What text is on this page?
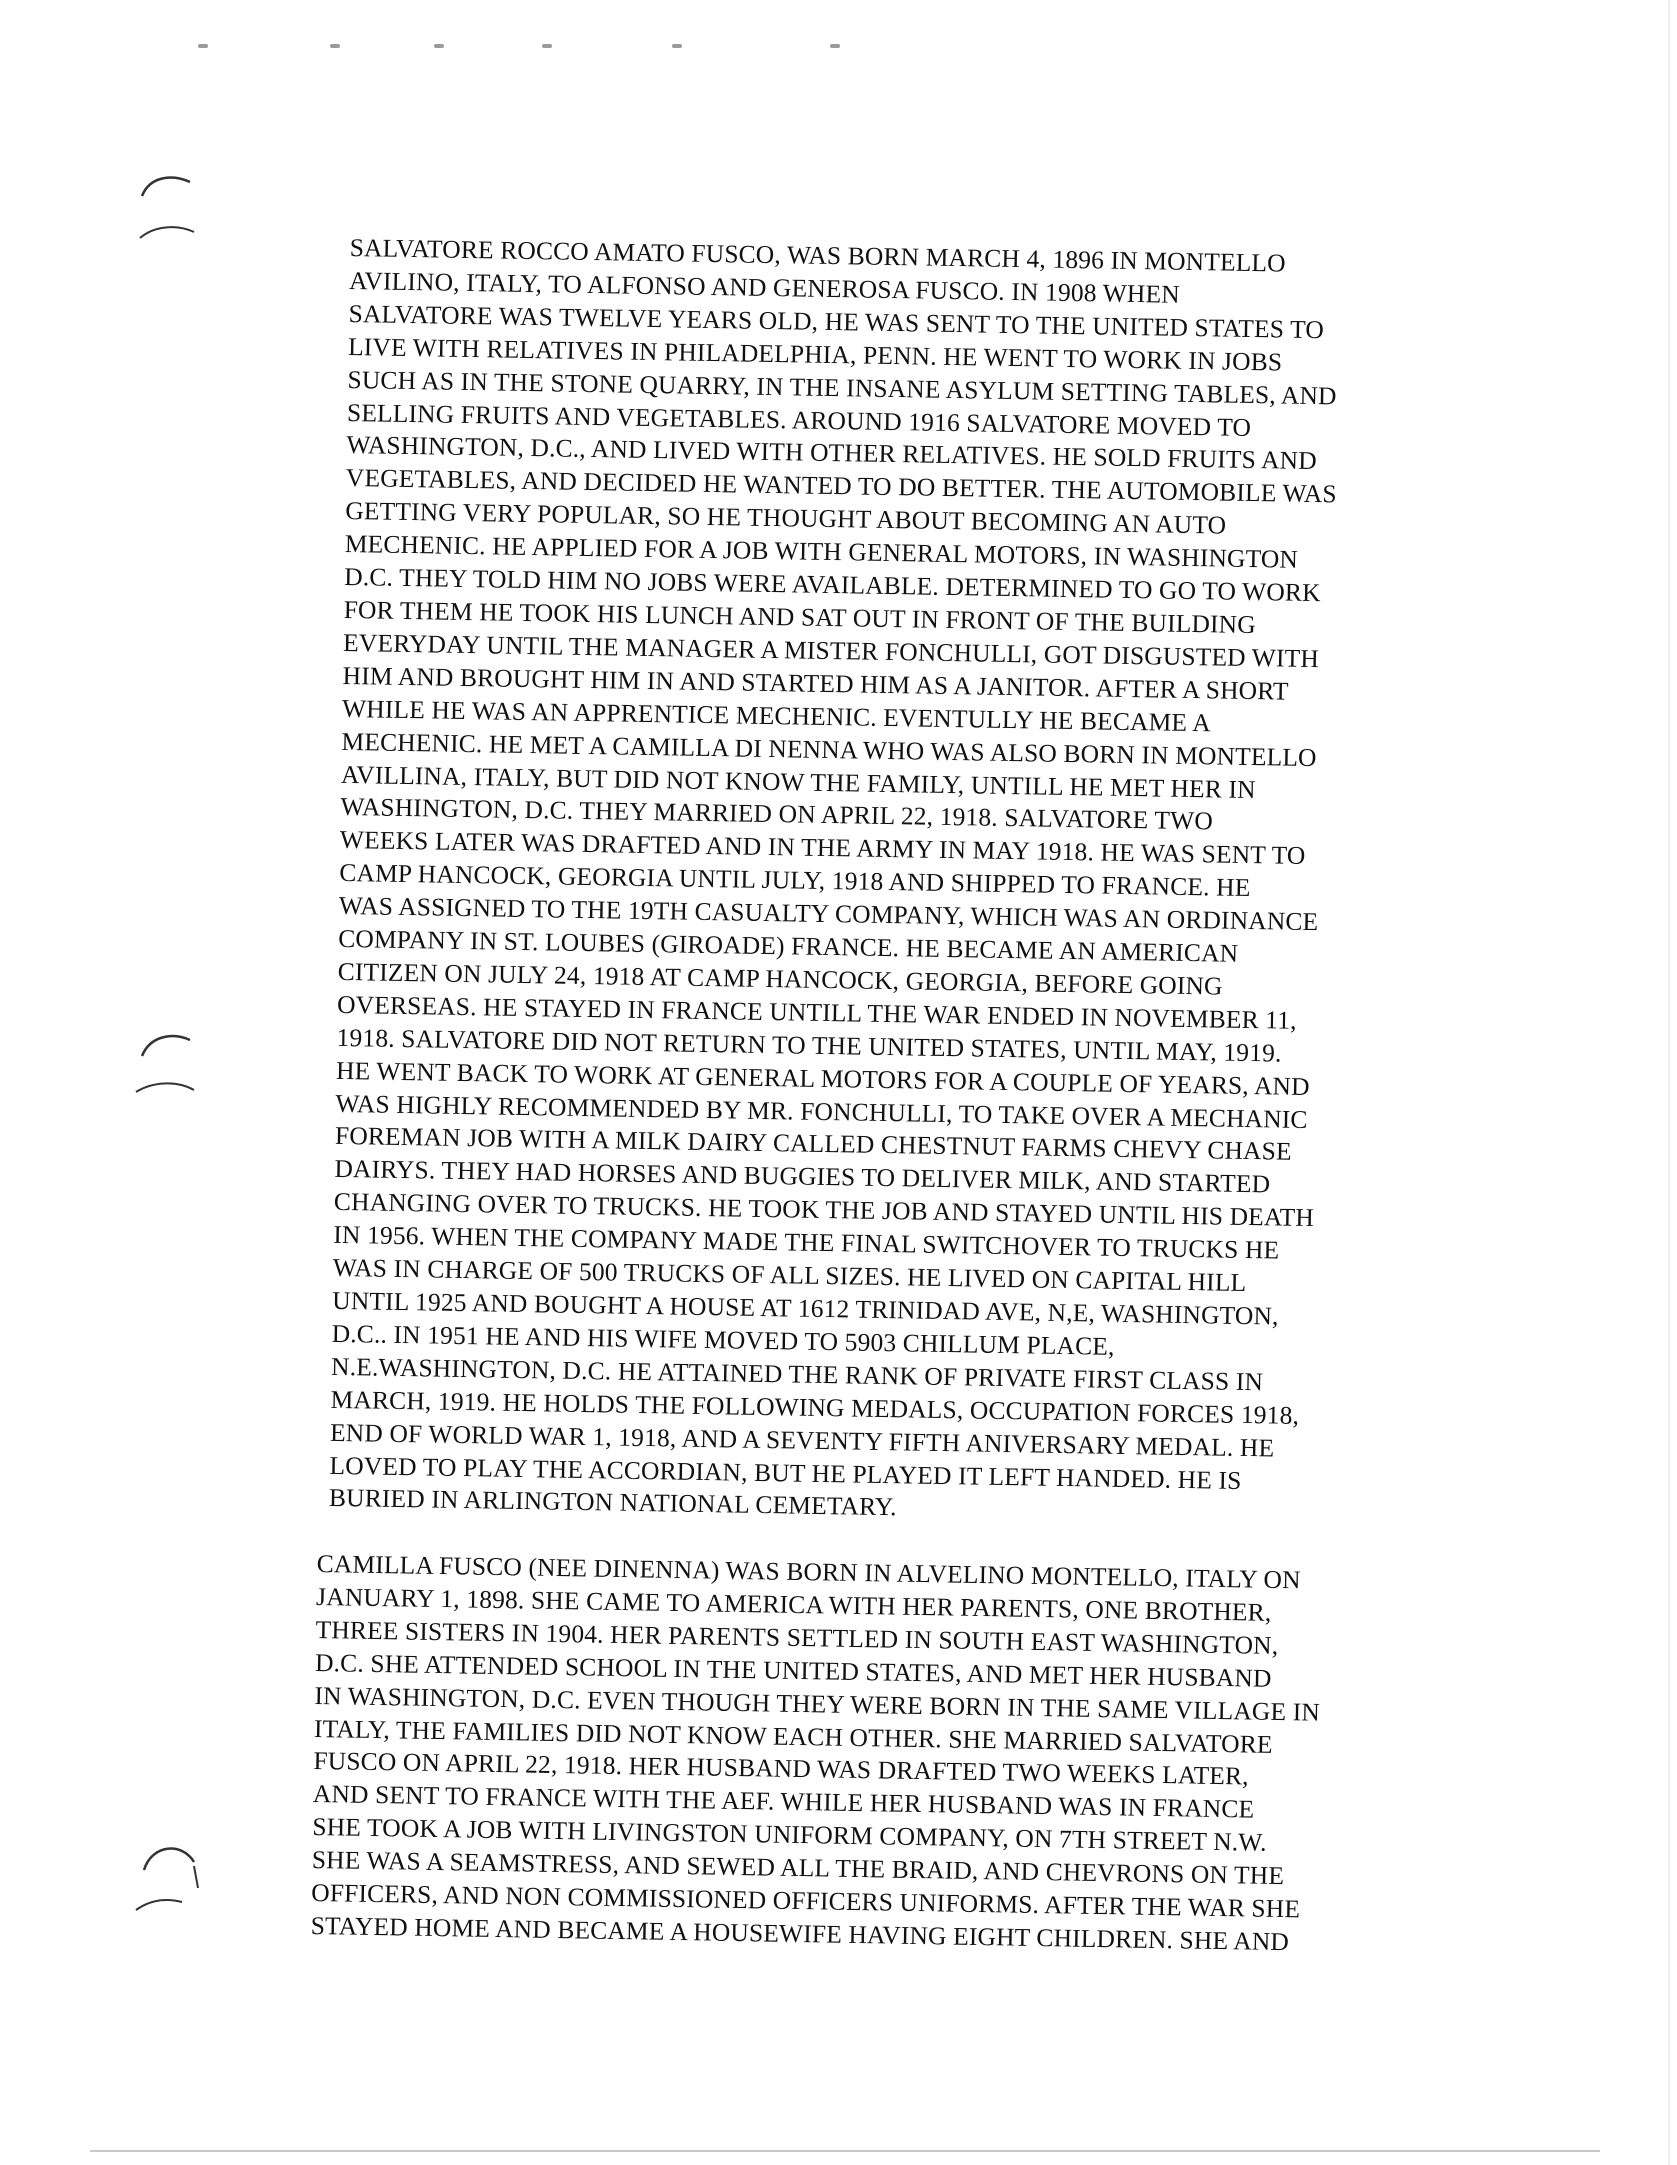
SALVATORE ROCCO AMATO FUSCO, WAS BORN MARCH 4, 1896 IN MONTELLO
AVILINO, ITALY, TO ALFONSO AND GENEROSA FUSCO. IN 1908 WHEN
SALVATORE WAS TWELVE YEARS OLD, HE WAS SENT TO THE UNITED STATES TO
LIVE WITH RELATIVES IN PHILADELPHIA, PENN. HE WENT TO WORK IN JOBS
SUCH AS IN THE STONE QUARRY, IN THE INSANE ASYLUM SETTING TABLES, AND
SELLING FRUITS AND VEGETABLES. AROUND 1916 SALVATORE MOVED TO
WASHINGTON, D.C., AND LIVED WITH OTHER RELATIVES. HE SOLD FRUITS AND
VEGETABLES, AND DECIDED HE WANTED TO DO BETTER. THE AUTOMOBILE WAS
GETTING VERY POPULAR, SO HE THOUGHT ABOUT BECOMING AN AUTO
MECHENIC. HE APPLIED FOR A JOB WITH GENERAL MOTORS, IN WASHINGTON
D.C. THEY TOLD HIM NO JOBS WERE AVAILABLE. DETERMINED TO GO TO WORK
FOR THEM HE TOOK HIS LUNCH AND SAT OUT IN FRONT OF THE BUILDING
EVERYDAY UNTIL THE MANAGER A MISTER FONCHULLI, GOT DISGUSTED WITH
HIM AND BROUGHT HIM IN AND STARTED HIM AS A JANITOR. AFTER A SHORT
WHILE HE WAS AN APPRENTICE MECHENIC. EVENTULLY HE BECAME A
MECHENIC. HE MET A CAMILLA DI NENNA WHO WAS ALSO BORN IN MONTELLO
AVILLINA, ITALY, BUT DID NOT KNOW THE FAMILY, UNTILL HE MET HER IN
WASHINGTON, D.C. THEY MARRIED ON APRIL 22, 1918. SALVATORE TWO
WEEKS LATER WAS DRAFTED AND IN THE ARMY IN MAY 1918. HE WAS SENT TO
CAMP HANCOCK, GEORGIA UNTIL JULY, 1918 AND SHIPPED TO FRANCE. HE
WAS ASSIGNED TO THE 19TH CASUALTY COMPANY, WHICH WAS AN ORDINANCE
COMPANY IN ST. LOUBES (GIROADE) FRANCE. HE BECAME AN AMERICAN
CITIZEN ON JULY 24, 1918 AT CAMP HANCOCK, GEORGIA, BEFORE GOING
OVERSEAS. HE STAYED IN FRANCE UNTILL THE WAR ENDED IN NOVEMBER 11,
1918. SALVATORE DID NOT RETURN TO THE UNITED STATES, UNTIL MAY, 1919.
HE WENT BACK TO WORK AT GENERAL MOTORS FOR A COUPLE OF YEARS, AND
WAS HIGHLY RECOMMENDED BY MR. FONCHULLI, TO TAKE OVER A MECHANIC
FOREMAN JOB WITH A MILK DAIRY CALLED CHESTNUT FARMS CHEVY CHASE
DAIRYS. THEY HAD HORSES AND BUGGIES TO DELIVER MILK, AND STARTED
CHANGING OVER TO TRUCKS. HE TOOK THE JOB AND STAYED UNTIL HIS DEATH
IN 1956. WHEN THE COMPANY MADE THE FINAL SWITCHOVER TO TRUCKS HE
WAS IN CHARGE OF 500 TRUCKS OF ALL SIZES. HE LIVED ON CAPITAL HILL
UNTIL 1925 AND BOUGHT A HOUSE AT 1612 TRINIDAD AVE, N,E, WASHINGTON,
D.C.. IN 1951 HE AND HIS WIFE MOVED TO 5903 CHILLUM PLACE,
N.E.WASHINGTON, D.C. HE ATTAINED THE RANK OF PRIVATE FIRST CLASS IN
MARCH, 1919. HE HOLDS THE FOLLOWING MEDALS, OCCUPATION FORCES 1918,
END OF WORLD WAR 1, 1918, AND A SEVENTY FIFTH ANIVERSARY MEDAL. HE
LOVED TO PLAY THE ACCORDIAN, BUT HE PLAYED IT LEFT HANDED. HE IS
BURIED IN ARLINGTON NATIONAL CEMETARY.
CAMILLA FUSCO (NEE DINENNA) WAS BORN IN ALVELINO MONTELLO, ITALY ON
JANUARY 1, 1898. SHE CAME TO AMERICA WITH HER PARENTS, ONE BROTHER,
THREE SISTERS IN 1904. HER PARENTS SETTLED IN SOUTH EAST WASHINGTON,
D.C. SHE ATTENDED SCHOOL IN THE UNITED STATES, AND MET HER HUSBAND
IN WASHINGTON, D.C. EVEN THOUGH THEY WERE BORN IN THE SAME VILLAGE IN
ITALY, THE FAMILIES DID NOT KNOW EACH OTHER. SHE MARRIED SALVATORE
FUSCO ON APRIL 22, 1918. HER HUSBAND WAS DRAFTED TWO WEEKS LATER,
AND SENT TO FRANCE WITH THE AEF. WHILE HER HUSBAND WAS IN FRANCE
SHE TOOK A JOB WITH LIVINGSTON UNIFORM COMPANY, ON 7TH STREET N.W.
SHE WAS A SEAMSTRESS, AND SEWED ALL THE BRAID, AND CHEVRONS ON THE
OFFICERS, AND NON COMMISSIONED OFFICERS UNIFORMS. AFTER THE WAR SHE
STAYED HOME AND BECAME A HOUSEWIFE HAVING EIGHT CHILDREN. SHE AND
